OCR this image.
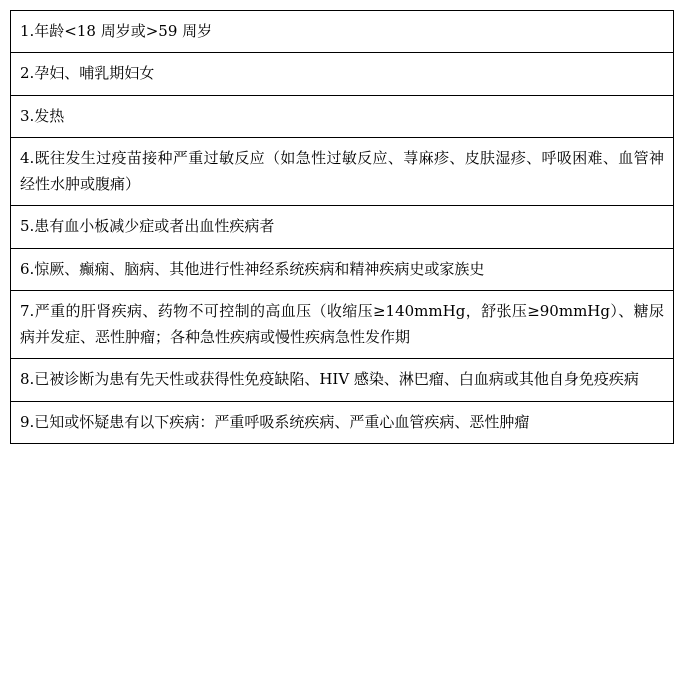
1.年龄<18 周岁或>59 周岁

2.孕妇、哺乳期妇女

3.发热

4.既往发生过疫苗接种严重过敏反应（如急性过敏反应、荨麻疹、皮肤湿疹、呼吸困难、血管神经性水肿或腹痛）

5.患有血小板减少症或者出血性疾病者

6.惊厥、癫痫、脑病、其他进行性神经系统疾病和精神疾病史或家族史

7.严重的肝肾疾病、药物不可控制的高血压（收缩压≥140mmHg，舒张压≥90mmHg）、糖尿病并发症、恶性肿瘤；各种急性疾病或慢性疾病急性发作期

8.已被诊断为患有先天性或获得性免疫缺陷、HIV 感染、淋巴瘤、白血病或其他自身免疫疾病

9.已知或怀疑患有以下疾病：严重呼吸系统疾病、严重心血管疾病、恶性肿瘤
